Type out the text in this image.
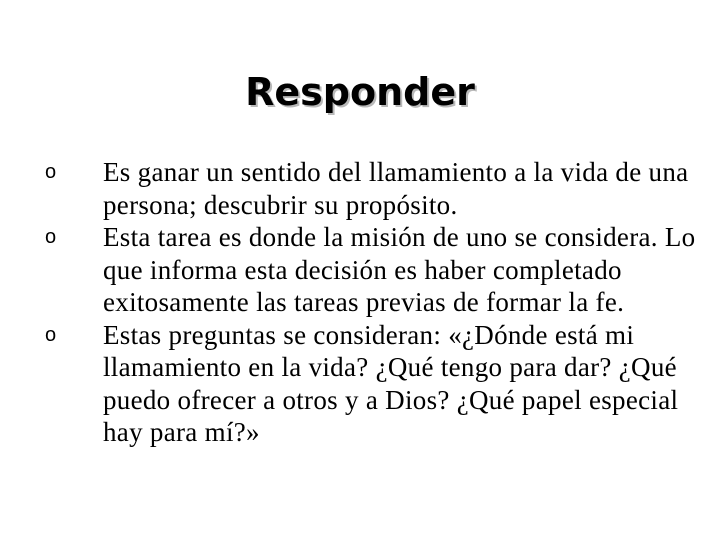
Responder
o Es ganar un sentido del llamamiento a la vida de una persona; descubrir su propósito.
o Esta tarea es donde la misión de uno se considera. Lo que informa esta decisión es haber completado exitosamente las tareas previas de formar la fe.
o Estas preguntas se consideran: «¿Dónde está mi llamamiento en la vida? ¿Qué tengo para dar? ¿Qué puedo ofrecer a otros y a Dios? ¿Qué papel especial hay para mí?»
